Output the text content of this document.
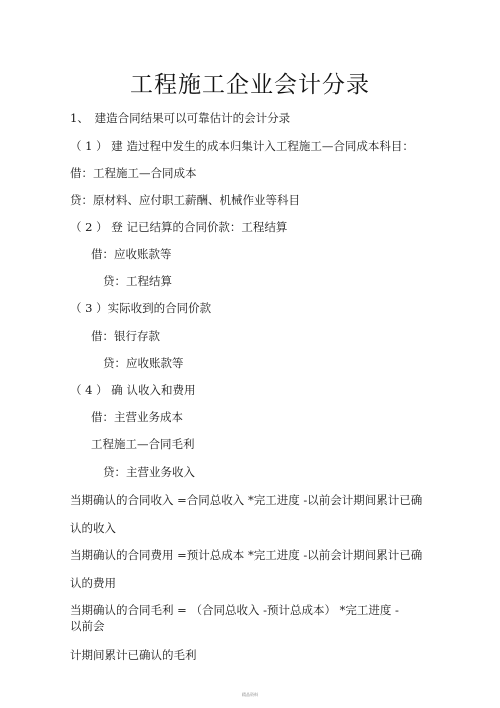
工程施工企业会计分录
1、　建造合同结果可以可靠估计的会计分录
（ 1 ） 建 造过程中发生的成本归集计入工程施工—合同成本科目：
借：工程施工—合同成本
贷：原材料、应付职工薪酬、机械作业等科目
（ 2 ） 登 记已结算的合同价款：工程结算
借：应收账款等
贷：工程结算
（ 3 ）实际收到的合同价款
借：银行存款
贷：应收账款等
（ 4 ） 确 认收入和费用
借：主营业务成本
工程施工—合同毛利
贷：主营业务收入
当期确认的合同收入 =合同总收入 *完工进度 -以前会计期间累计已确
认的收入
当期确认的合同费用 =预计总成本 *完工进度 -以前会计期间累计已确
认的费用
当期确认的合同毛利 = （合同总收入 -预计总成本） *完工进度 -
以前会
计期间累计已确认的毛利
精品资料
